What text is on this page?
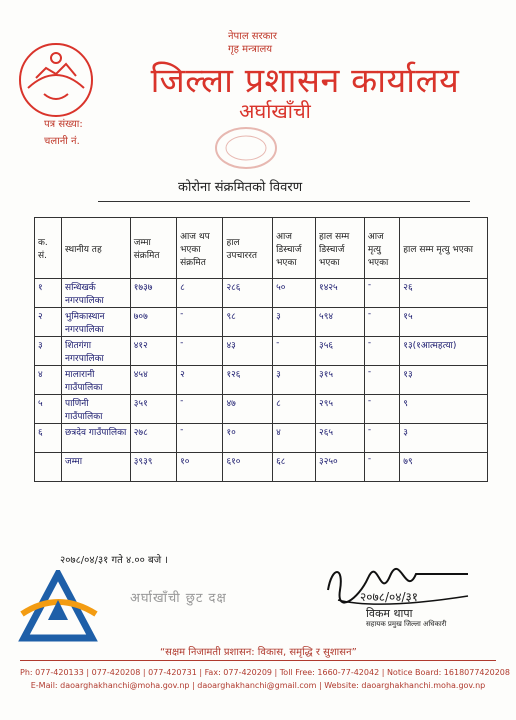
नेपाल सरकार
गृह मन्त्रालय
जिल्ला प्रशासन कार्यालय
अर्घाखाँची
पत्र संख्या:
चलानी नं.
कोरोना संक्रमितको विवरण
क. सं.	स्थानीय तह	जम्मा संक्रमित	आज थप भएका संक्रमित	हाल उपचाररत	आज डिस्चार्ज भएका	हाल सम्म डिस्चार्ज भएका	आज मृत्यु भएका	हाल सम्म मृत्यु भएका
१	सन्धिखर्क नगरपालिका	१७३७	८	२८६	५०	१४२५	-	२६
२	भुमिकास्थान नगरपालिका	७०७	-	९८	३	५९४	-	१५
३	शितगंगा नगरपालिका	४१२	-	४३	-	३५६	-	१३(१आत्महत्या)
४	मालारानी गाउँपालिका	४५४	२	१२६	३	३१५	-	१३
५	पाणिनी गाउँपालिका	३५१	-	४७	८	२९५	-	९
६	छत्रदेव गाउँपालिका	२७८	-	१०	४	२६५	-	३
	जम्मा	३९३९	१०	६१०	६८	३२५०	-	७९
२०७८/०४/३१ गते ४.०० बजे ।
अर्घाखाँची छुट दक्ष	२०७८/०४/३१
विकम थापा
सहायक प्रमुख जिल्ला अधिकारी
“सक्षम निजामती प्रशासन: विकास, समृद्धि र सुशासन”
Ph: 077-420133 | 077-420208 | 077-420731 | Fax: 077-420209 | Toll Free: 1660-77-42042 | Notice Board: 1618077420208
E-Mail: daoarghakhanchi@moha.gov.np | daoarghakhanchi@gmail.com | Website: daoarghakhanchi.moha.gov.np
